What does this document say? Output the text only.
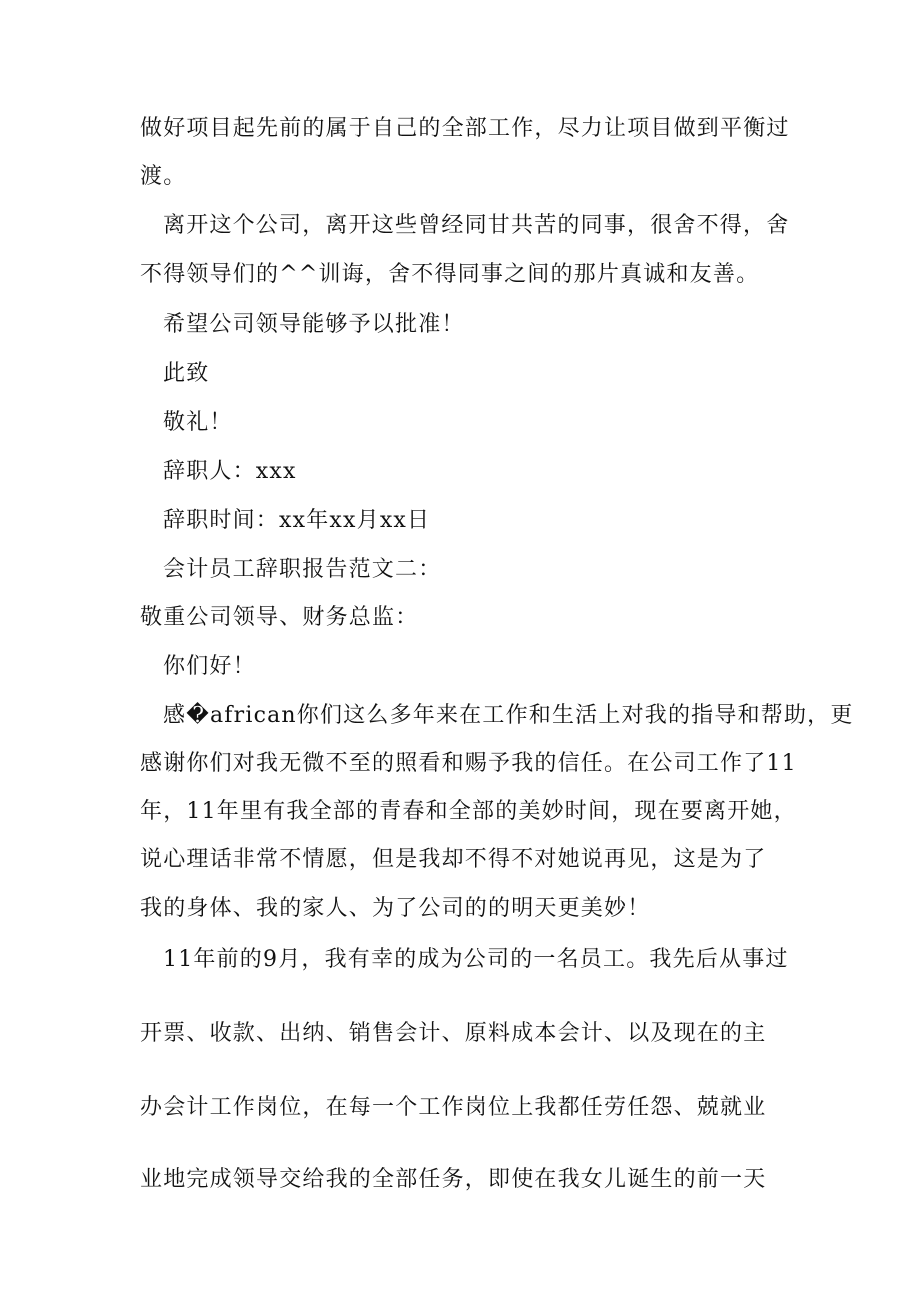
做好项目起先前的属于自己的全部工作，尽力让项目做到平衡过
渡。
离开这个公司，离开这些曾经同甘共苦的同事，很舍不得，舍
不得领导们的^^训诲，舍不得同事之间的那片真诚和友善。
希望公司领导能够予以批准！
此致
敬礼！
辞职人：xxx
辞职时间：xx年xx月xx日
会计员工辞职报告范文二：
敬重公司领导、财务总监：
你们好！
感�african你们这么多年来在工作和生活上对我的指导和帮助，更
感谢你们对我无微不至的照看和赐予我的信任。在公司工作了11
年，11年里有我全部的青春和全部的美妙时间，现在要离开她，
说心理话非常不情愿，但是我却不得不对她说再见，这是为了
我的身体、我的家人、为了公司的的明天更美妙！
11年前的9月，我有幸的成为公司的一名员工。我先后从事过
开票、收款、出纳、销售会计、原料成本会计、以及现在的主
办会计工作岗位，在每一个工作岗位上我都任劳任怨、兢就业
业地完成领导交给我的全部任务，即使在我女儿诞生的前一天
